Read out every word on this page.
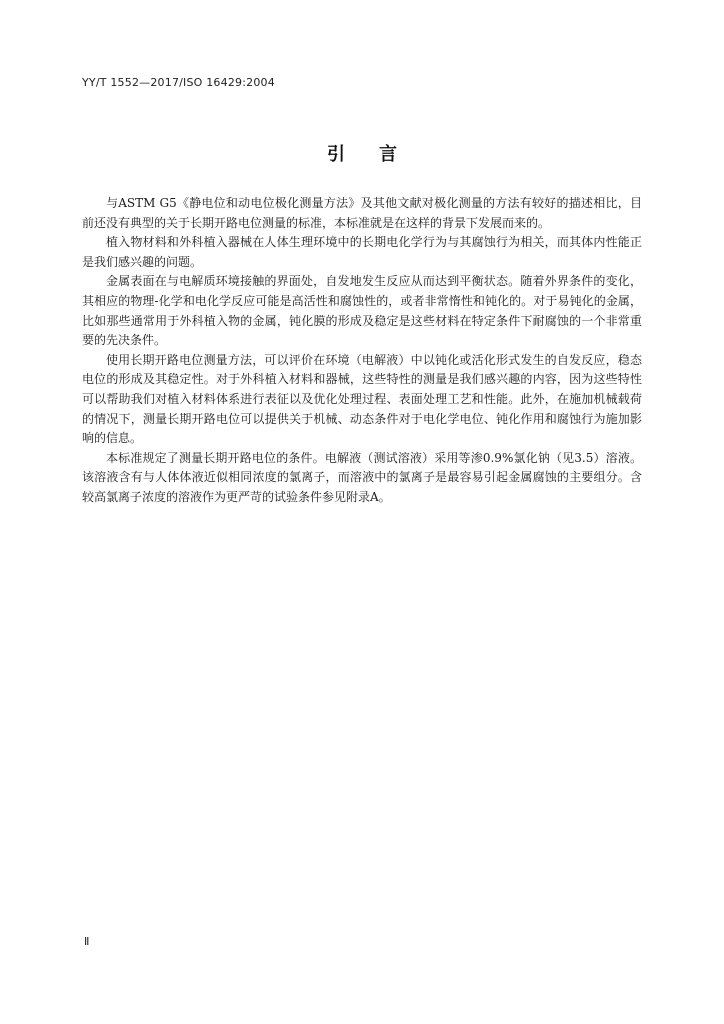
YY/T 1552—2017/ISO 16429:2004
引言

与ASTM G5《静电位和动电位极化测量方法》及其他文献对极化测量的方法有较好的描述相比，目前还没有典型的关于长期开路电位测量的标准，本标准就是在这样的背景下发展而来的。

植入物材料和外科植入器械在人体生理环境中的长期电化学行为与其腐蚀行为相关，而其体内性能正是我们感兴趣的问题。

金属表面在与电解质环境接触的界面处，自发地发生反应从而达到平衡状态。随着外界条件的变化，其相应的物理-化学和电化学反应可能是高活性和腐蚀性的，或者非常惰性和钝化的。对于易钝化的金属，比如那些通常用于外科植入物的金属，钝化膜的形成及稳定是这些材料在特定条件下耐腐蚀的一个非常重要的先决条件。

使用长期开路电位测量方法，可以评价在环境（电解液）中以钝化或活化形式发生的自发反应，稳态电位的形成及其稳定性。对于外科植入材料和器械，这些特性的测量是我们感兴趣的内容，因为这些特性可以帮助我们对植入材料体系进行表征以及优化处理过程、表面处理工艺和性能。此外，在施加机械载荷的情况下，测量长期开路电位可以提供关于机械、动态条件对于电化学电位、钝化作用和腐蚀行为施加影响的信息。

本标准规定了测量长期开路电位的条件。电解液（测试溶液）采用等渗0.9%氯化钠（见3.5）溶液。该溶液含有与人体体液近似相同浓度的氯离子，而溶液中的氯离子是最容易引起金属腐蚀的主要组分。含较高氯离子浓度的溶液作为更严苛的试验条件参见附录A。

Ⅱ
